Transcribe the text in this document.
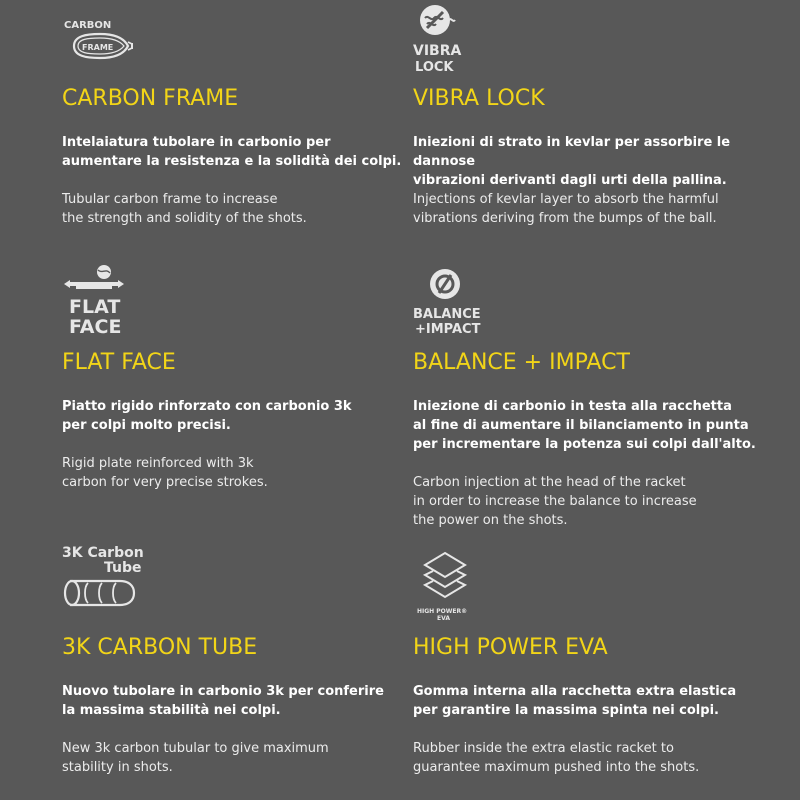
CARBON
FRAME
CARBON FRAME

Intelaiatura tubolare in carbonio per
aumentare la resistenza e la solidità dei colpi.

Tubular carbon frame to increase
the strength and solidity of the shots.

VIBRA
LOCK
VIBRA LOCK

Iniezioni di strato in kevlar per assorbire le dannose
vibrazioni derivanti dagli urti della pallina.

Injections of kevlar layer to absorb the harmful
vibrations deriving from the bumps of the ball.

FLAT
FACE
FLAT FACE

Piatto rigido rinforzato con carbonio 3k
per colpi molto precisi.

Rigid plate reinforced with 3k
carbon for very precise strokes.

BALANCE
+IMPACT
BALANCE + IMPACT

Iniezione di carbonio in testa alla racchetta
al fine di aumentare il bilanciamento in punta
per incrementare la potenza sui colpi dall'alto.

Carbon injection at the head of the racket
in order to increase the balance to increase
the power on the shots.

3K Carbon
Tube
3K CARBON TUBE

Nuovo tubolare in carbonio 3k per conferire
la massima stabilità nei colpi.

New 3k carbon tubular to give maximum
stability in shots.

HIGH POWER®
EVA
HIGH POWER EVA

Gomma interna alla racchetta extra elastica
per garantire la massima spinta nei colpi.

Rubber inside the extra elastic racket to
guarantee maximum pushed into the shots.
